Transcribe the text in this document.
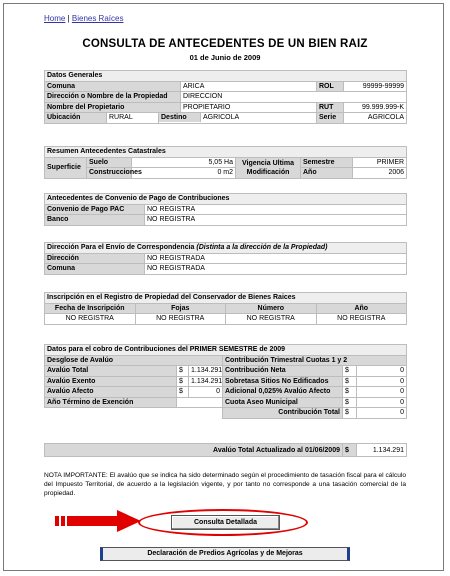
Home | Bienes Raíces
CONSULTA DE ANTECEDENTES DE UN BIEN RAIZ
01 de Junio de 2009
Datos Generales					
Comuna			ARICA	ROL	99999-99999
Dirección o Nombre de la Propiedad			DIRECCION		
Nombre del Propietario			PROPIETARIO	RUT	99.999.999-K
Ubicación	RURAL	Destino AGRICOLA		Serie	AGRICOLA
Resumen Antecedentes Catastrales					
Superficie	Suelo	5,05 Ha	Vigencia Ultima Modificación	Semestre	PRIMER
	Construcciones	0 m2		Año	2006
Antecedentes de Convenio de Pago de Contribuciones	
Convenio de Pago PAC	NO REGISTRA
Banco	NO REGISTRA
Dirección Para el Envío de Correspondencia (Distinta a la dirección de la Propiedad)	
Dirección	NO REGISTRADA
Comuna	NO REGISTRADA
Inscripción en el Registro de Propiedad del Conservador de Bienes Raices			
Fecha de Inscripción	Fojas	Número	Año
NO REGISTRA	NO REGISTRA	NO REGISTRA	NO REGISTRA
Datos para el cobro de Contribuciones del PRIMER SEMESTRE de 2009					
Desglose de Avalúo			Contribución Trimestral Cuotas 1 y 2		
Avalúo Total	$	1.134.291	Contribución Neta	$	0
Avalúo Exento	$	1.134.291	Sobretasa Sitios No Edificados	$	0
Avalúo Afecto	$	0	Adicional 0,025% Avalúo Afecto	$	0
Año Término de Exención			Cuota Aseo Municipal	$	0
			Contribución Total	$	0
Avalúo Total Actualizado al 01/06/2009	$	1.134.291
NOTA IMPORTANTE: El avalúo que se indica ha sido determinado según el procedimiento de tasación fiscal para el cálculo del Impuesto Territorial, de acuerdo a la legislación vigente, y por tanto no corresponde a una tasación comercial de la propiedad.
Consulta Detallada
Declaración de Predios Agrícolas y de Mejoras
